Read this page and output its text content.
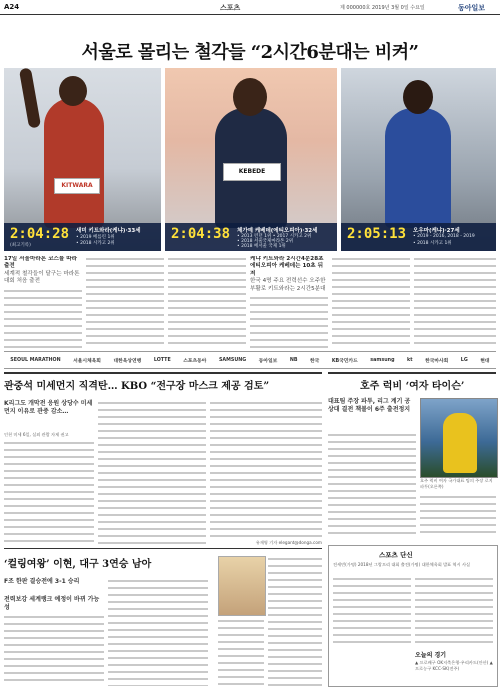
A24	스포츠	제 000000호 2019년 3월 0일 수요일	동아일보
서울로 몰리는 철각들 “2시간6분대는 비켜”
KITWARA
2:04:28
(최고기록)
새미 키트와라(케냐)·33세
• 2019 베를린 1위
• 2018 시카고 2위
KEBEDE
2:04:38 체가예 케베데(에티오피아)·32세
• 2013 런던 1위 • 2017 시카고 2위
• 2018 서울국제마라톤 2위
• 2018 베서울 국제 1위
2:05:13 오우마(케냐)·27세
• 2019 - 2016, 2018 - 2019
• 2018 시카고 1위
17일 서울마라톤 코스를 따라 출전
세계적 철각들이 달구는 마라톤 대회 처음 출전
케냐 키트와라 2시간4분28초 에티오피아 케베데는 10초 뒤져
한국 4명 주요 전력선수 오주한 부활로 키트와라는 2시간5분대
SEOUL MARATHON	서울시체육회	대한육상연맹	LOTTE	스포츠동아	SAMSUNG	동아일보	NB	한국	KB국민카드	samsung	kt	한국마사회	LG	현대
관중석 미세먼지 직격탄… KBO “전구장 마스크 제공 검토”
K리그도 개막전 응원 상당수 미세먼지 이유로 관중 감소…
인천 미세 6일, 실외 관람 자제 권고
유재영 기자 elegant@donga.com
‘컬링여왕’ 이현, 대구 3연승 남아
F조 한판 결승전에 3-1 승리
전력보강 세계랭크 예정이 바뀌 가능성
호주 럭비 ‘여자 타이슨’
대표팀 주장 파투, 리그 계기 공 상대 결전 책볼이 6주 출전정지
호주 럭비 여자 국가대표 팀의 주장 로지 파투(오른쪽)
스포츠 단신
전세빈(가명) 2018년 그랑프리 대회 출전(가명) 대한체육회 발표 역시 사실
오늘의 경기
▲ 프로배구 OK저축은행-우리카드(안산) ▲ 프로농구 KCC-SK(전주)
